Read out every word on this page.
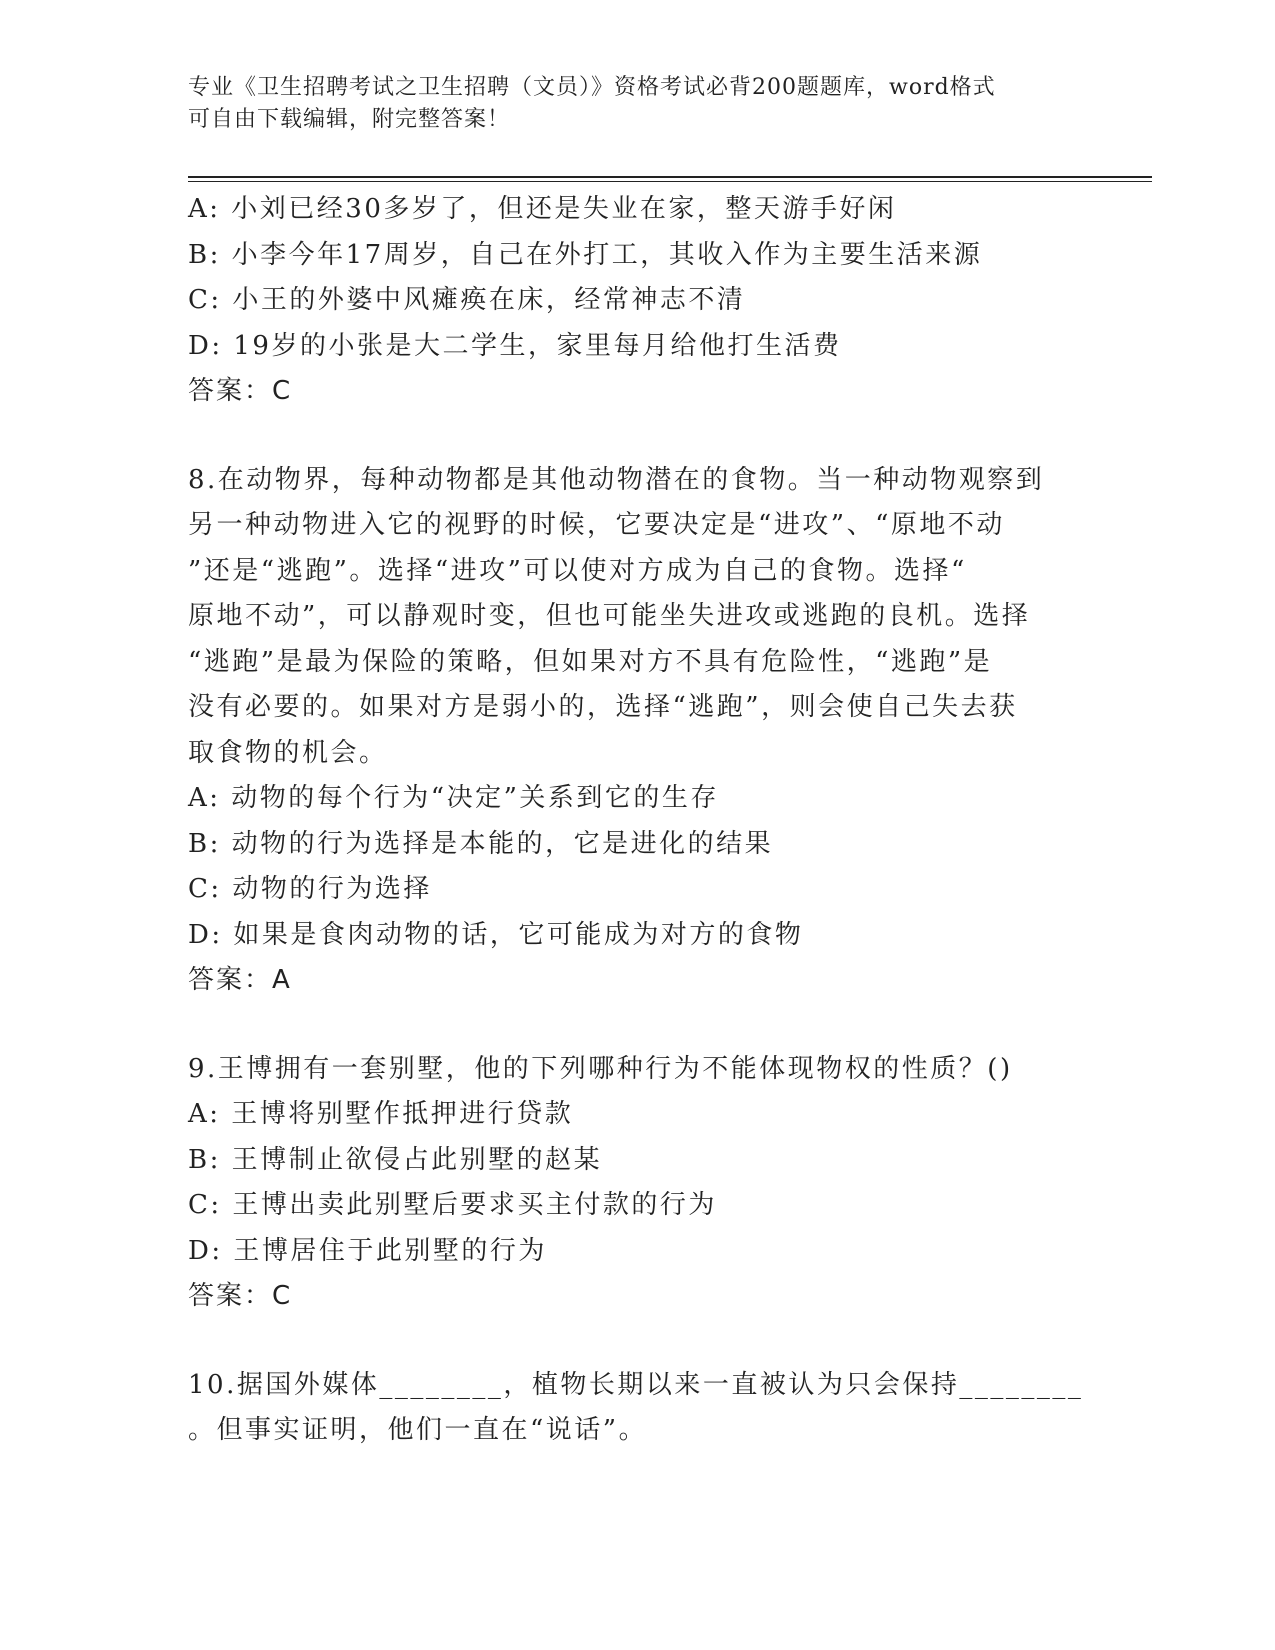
专业《卫生招聘考试之卫生招聘（文员）》资格考试必背200题题库，word格式
可自由下载编辑，附完整答案！
A: 小刘已经30多岁了，但还是失业在家，整天游手好闲
B: 小李今年17周岁，自己在外打工，其收入作为主要生活来源
C: 小王的外婆中风瘫痪在床，经常神志不清
D: 19岁的小张是大二学生，家里每月给他打生活费
答案：C
8.在动物界，每种动物都是其他动物潜在的食物。当一种动物观察到
另一种动物进入它的视野的时候，它要决定是“进攻”、“原地不动
”还是“逃跑”。选择“进攻”可以使对方成为自己的食物。选择“
原地不动”，可以静观时变，但也可能坐失进攻或逃跑的良机。选择
“逃跑”是最为保险的策略，但如果对方不具有危险性，“逃跑”是
没有必要的。如果对方是弱小的，选择“逃跑”，则会使自己失去获
取食物的机会。
A: 动物的每个行为“决定”关系到它的生存
B: 动物的行为选择是本能的，它是进化的结果
C: 动物的行为选择
D: 如果是食肉动物的话，它可能成为对方的食物
答案：A
9.王博拥有一套别墅，他的下列哪种行为不能体现物权的性质？()
A: 王博将别墅作抵押进行贷款
B: 王博制止欲侵占此别墅的赵某
C: 王博出卖此别墅后要求买主付款的行为
D: 王博居住于此别墅的行为
答案：C
10.据国外媒体________，植物长期以来一直被认为只会保持________
。但事实证明，他们一直在“说话”。
